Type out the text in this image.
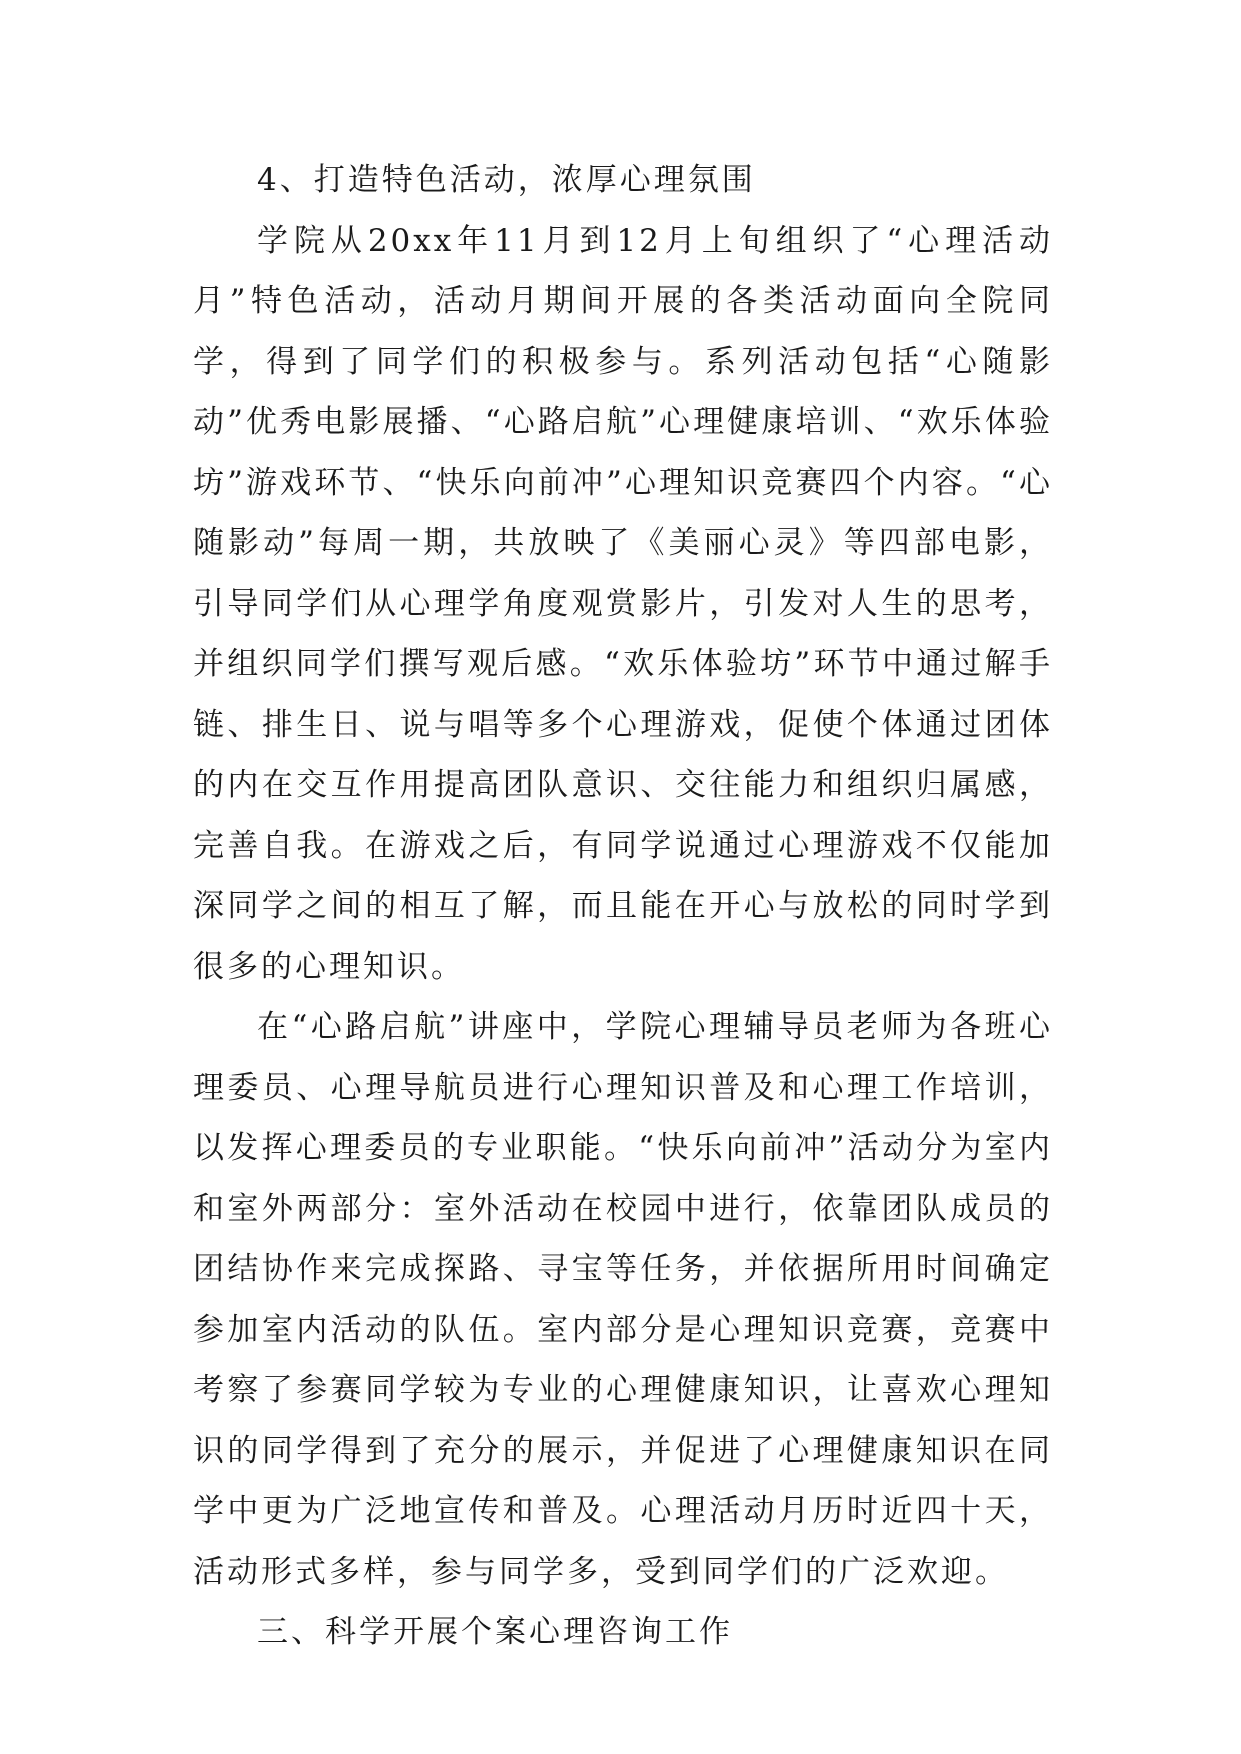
4、打造特色活动，浓厚心理氛围

学院从20xx年11月到12月上旬组织了“心理活动月”特色活动，活动月期间开展的各类活动面向全院同学，得到了同学们的积极参与。系列活动包括“心随影动”优秀电影展播、“心路启航”心理健康培训、“欢乐体验坊”游戏环节、“快乐向前冲”心理知识竞赛四个内容。“心随影动”每周一期，共放映了《美丽心灵》等四部电影，引导同学们从心理学角度观赏影片，引发对人生的思考，并组织同学们撰写观后感。“欢乐体验坊”环节中通过解手链、排生日、说与唱等多个心理游戏，促使个体通过团体的内在交互作用提高团队意识、交往能力和组织归属感，完善自我。在游戏之后，有同学说通过心理游戏不仅能加深同学之间的相互了解，而且能在开心与放松的同时学到很多的心理知识。

在“心路启航”讲座中，学院心理辅导员老师为各班心理委员、心理导航员进行心理知识普及和心理工作培训，以发挥心理委员的专业职能。“快乐向前冲”活动分为室内和室外两部分：室外活动在校园中进行，依靠团队成员的团结协作来完成探路、寻宝等任务，并依据所用时间确定参加室内活动的队伍。室内部分是心理知识竞赛，竞赛中考察了参赛同学较为专业的心理健康知识，让喜欢心理知识的同学得到了充分的展示，并促进了心理健康知识在同学中更为广泛地宣传和普及。心理活动月历时近四十天，活动形式多样，参与同学多，受到同学们的广泛欢迎。

三、科学开展个案心理咨询工作
